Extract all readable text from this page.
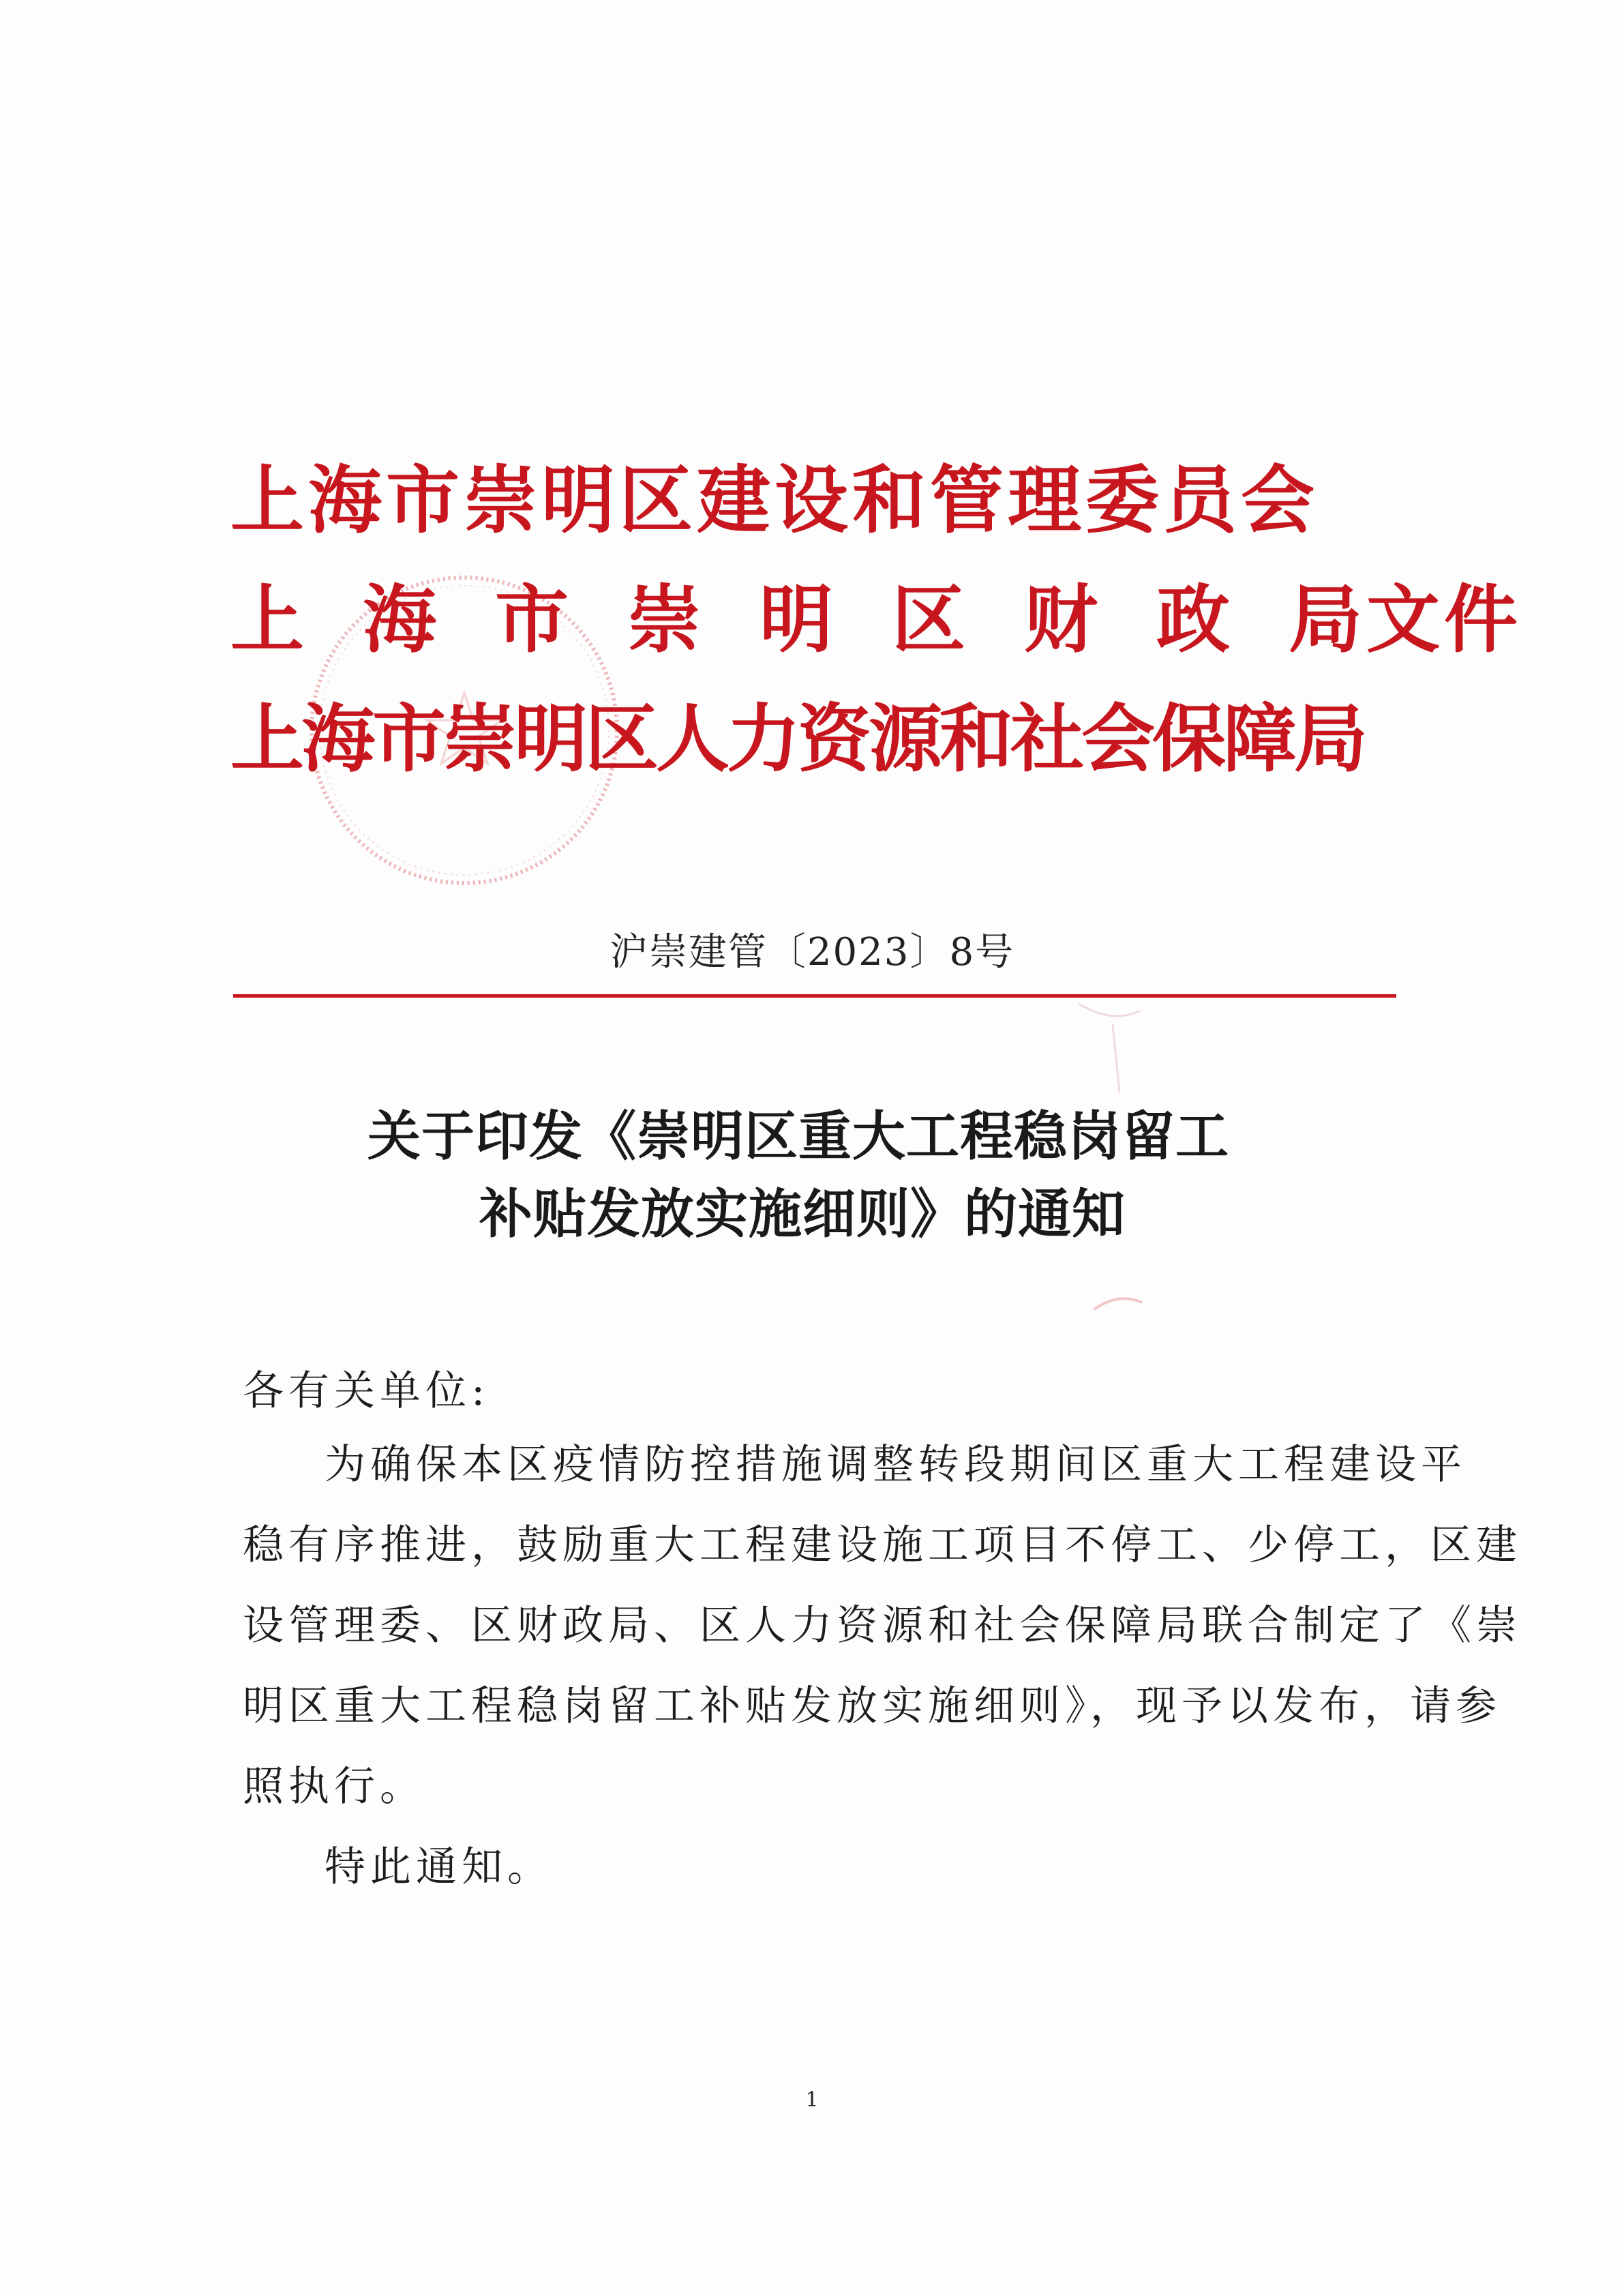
上海市崇明区建设和管理委员会
上海市崇明区财政局文件
上海市崇明区人力资源和社会保障局
沪崇建管〔2023〕8号
关于印发《崇明区重大工程稳岗留工
补贴发放实施细则》的通知
各有关单位:
为确保本区疫情防控措施调整转段期间区重大工程建设平
稳有序推进，鼓励重大工程建设施工项目不停工、少停工，区建
设管理委、区财政局、区人力资源和社会保障局联合制定了《崇
明区重大工程稳岗留工补贴发放实施细则》，现予以发布，请参
照执行。
特此通知。
1
